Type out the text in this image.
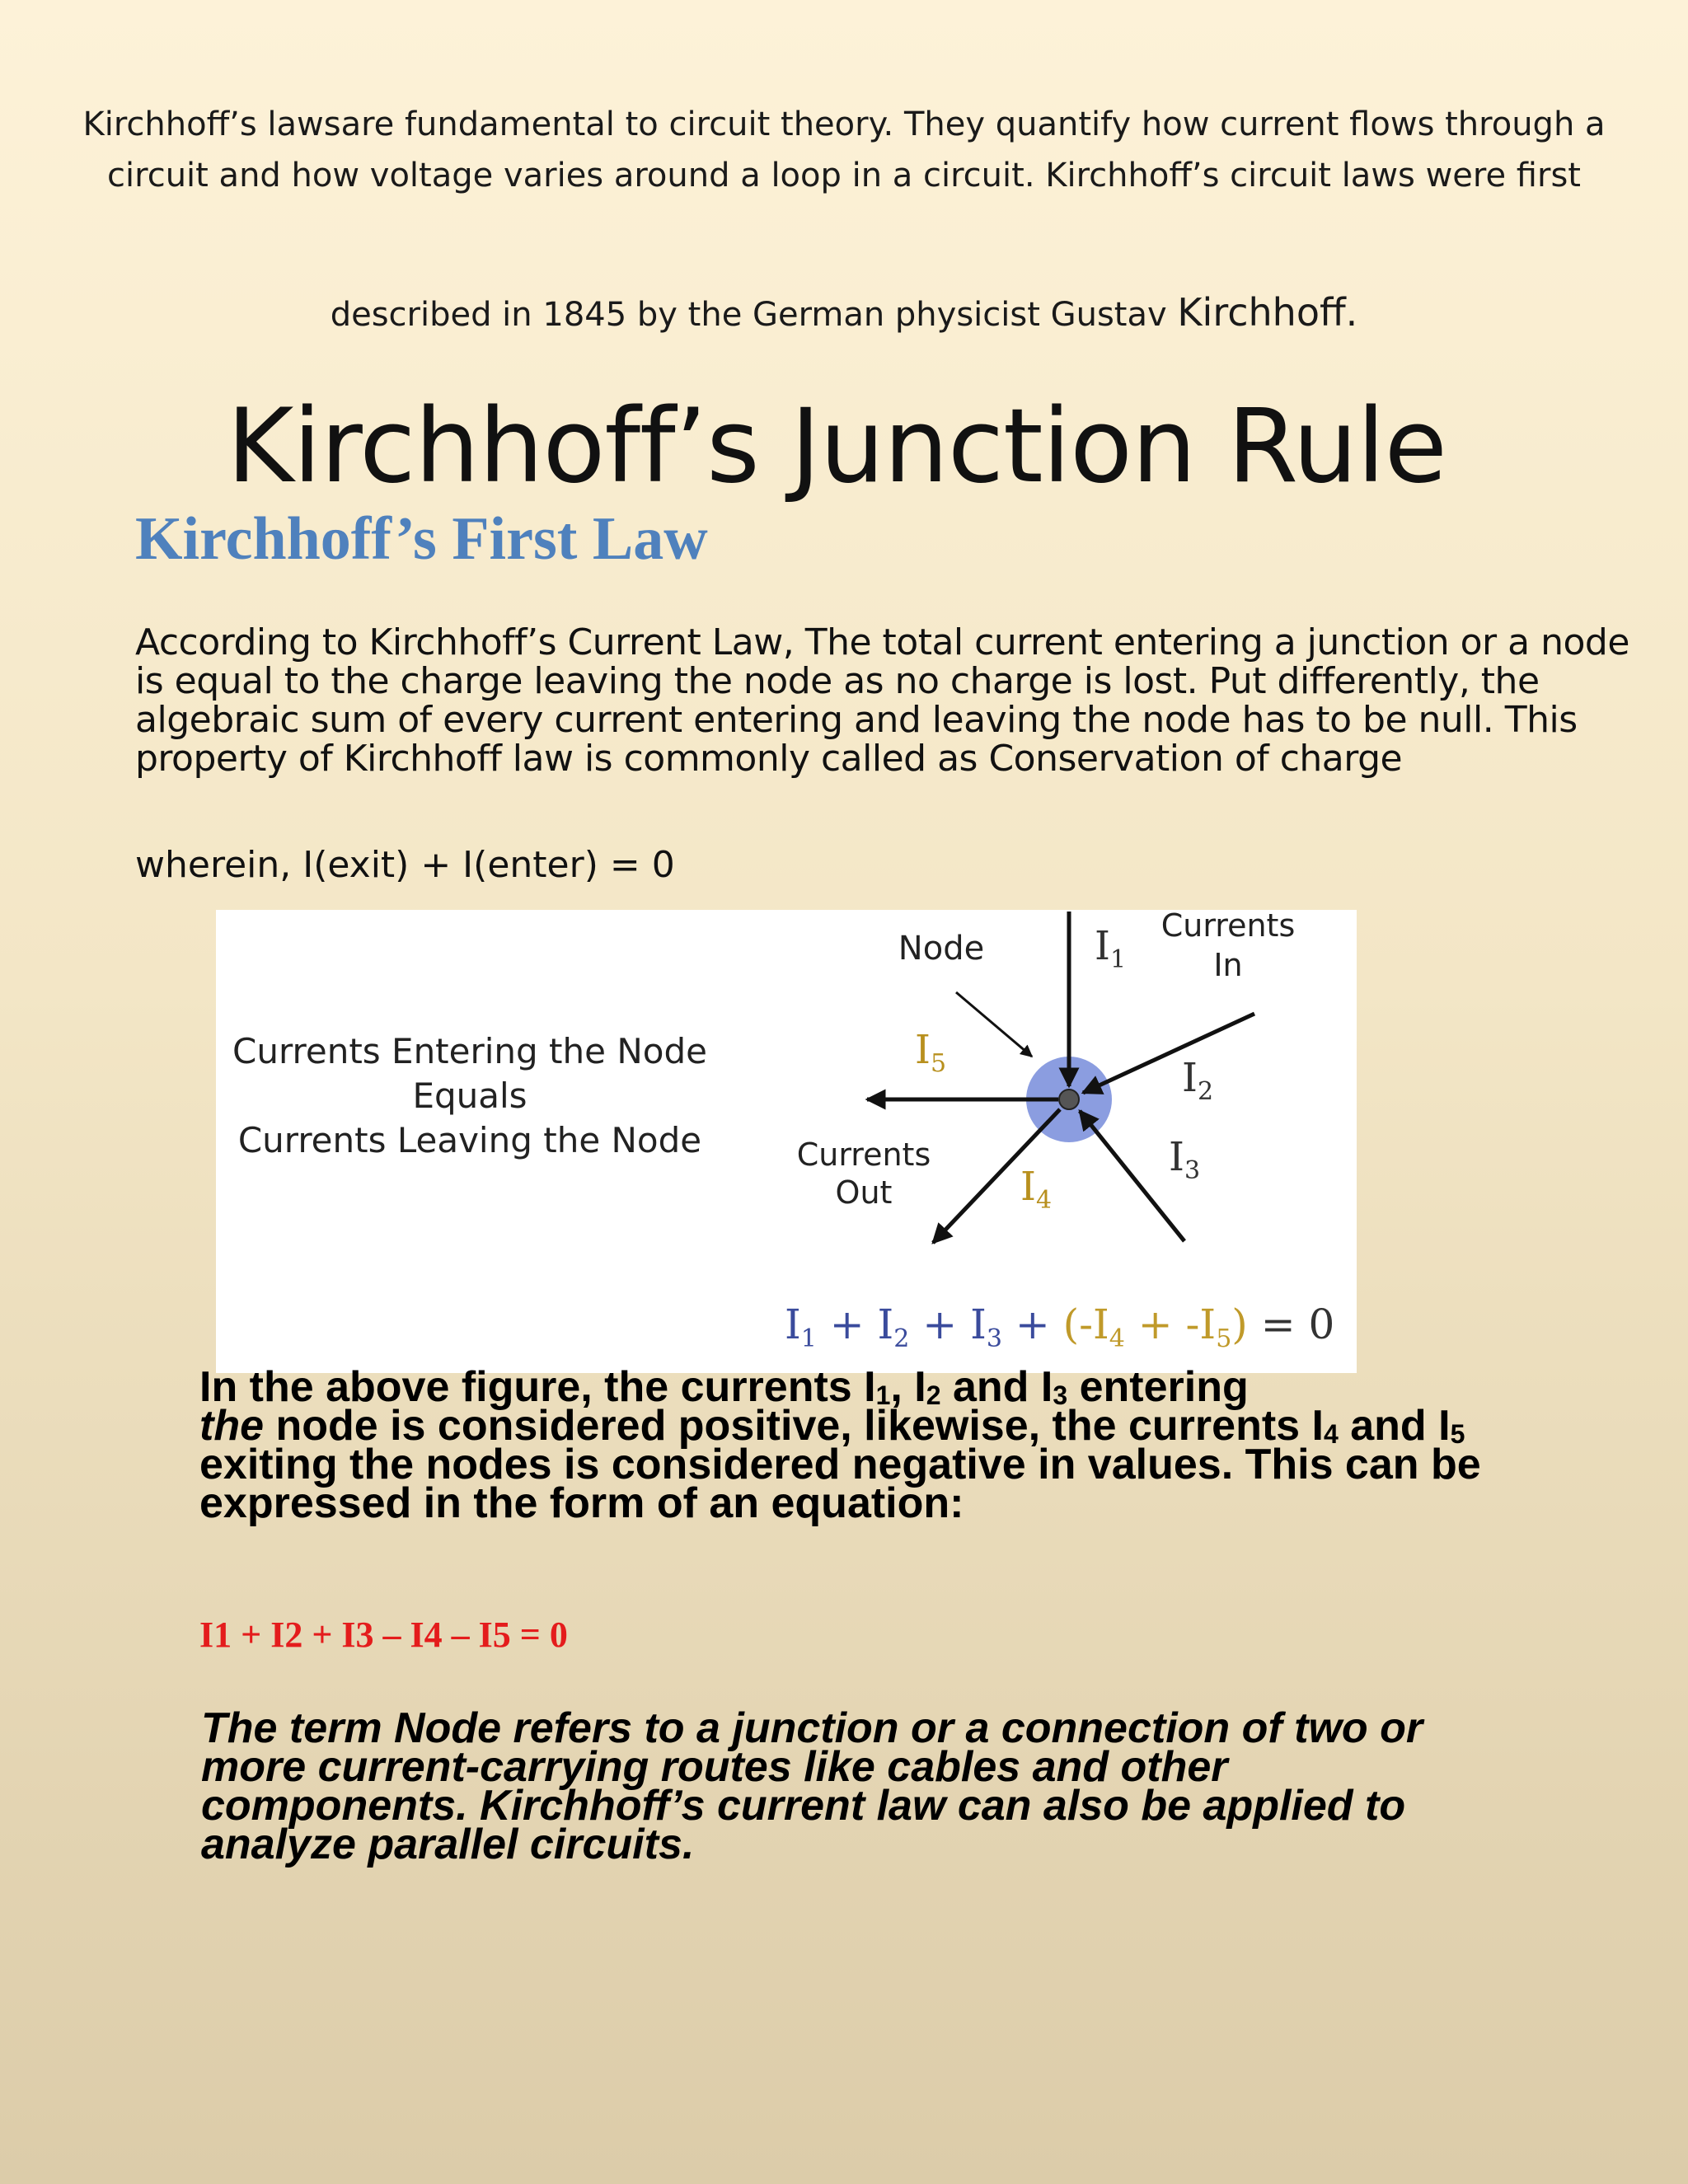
Kirchhoff’s lawsare fundamental to circuit theory. They quantify how current flows through a

circuit and how voltage varies around a loop in a circuit. Kirchhoff’s circuit laws were first

described in 1845 by the German physicist Gustav Kirchhoff.

Kirchhoff’s Junction Rule
Kirchhoff’s First Law

According to Kirchhoff’s Current Law, The total current entering a junction or a node is equal to the charge leaving the node as no charge is lost. Put differently, the algebraic sum of every current entering and leaving the node has to be null. This property of Kirchhoff law is commonly called as Conservation of charge

wherein, I(exit) + I(enter) = 0

Currents Entering the Node
Equals
Currents Leaving the Node
Node
Currents
In
Currents
Out
$I_1$
$I_2$
$I_3$
$I_4$
$I_5$
$I_1 + I_2 + I_3 + (-I_4 + -I_5) = 0$

In the above figure, the currents $I_1$, $I_2$ and $I_3$ entering
the node is considered positive, likewise, the currents $I_4$ and $I_5$ exiting the nodes is considered negative in values. This can be expressed in the form of an equation:

I1 + I2 + I3 – I4 – I5 = 0

The term Node refers to a junction or a connection of two or more current-carrying routes like cables and other components. Kirchhoff’s current law can also be applied to analyze parallel circuits.
